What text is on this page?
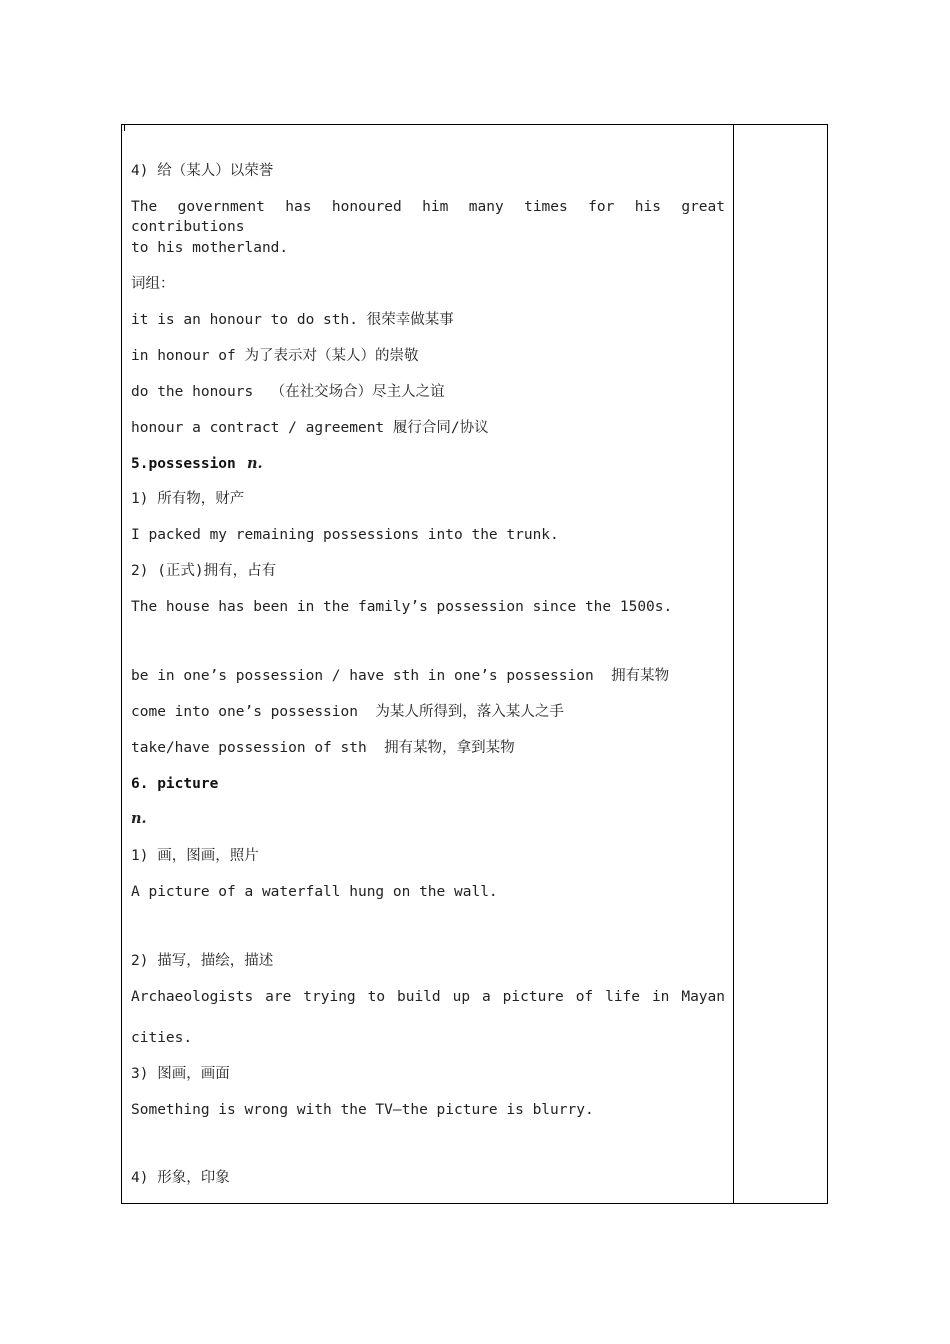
4) 给（某人）以荣誉
The government has honoured him many times for his great contributions
to his motherland.
词组：
it is an honour to do sth. 很荣幸做某事
in honour of 为了表示对（某人）的崇敬
do the honours  （在社交场合）尽主人之谊
honour a contract / agreement 履行合同/协议
5.possession n.
1) 所有物，财产
I packed my remaining possessions into the trunk.
2) (正式)拥有，占有
The house has been in the family’s possession since the 1500s.
be in one’s possession / have sth in one’s possession  拥有某物
come into one’s possession  为某人所得到，落入某人之手
take/have possession of sth  拥有某物，拿到某物
6. picture
n.
1) 画，图画，照片
A picture of a waterfall hung on the wall.
2) 描写，描绘，描述
Archaeologists are trying to build up a picture of life in Mayan
cities.
3) 图画，画面
Something is wrong with the TV—the picture is blurry.
4) 形象，印象
